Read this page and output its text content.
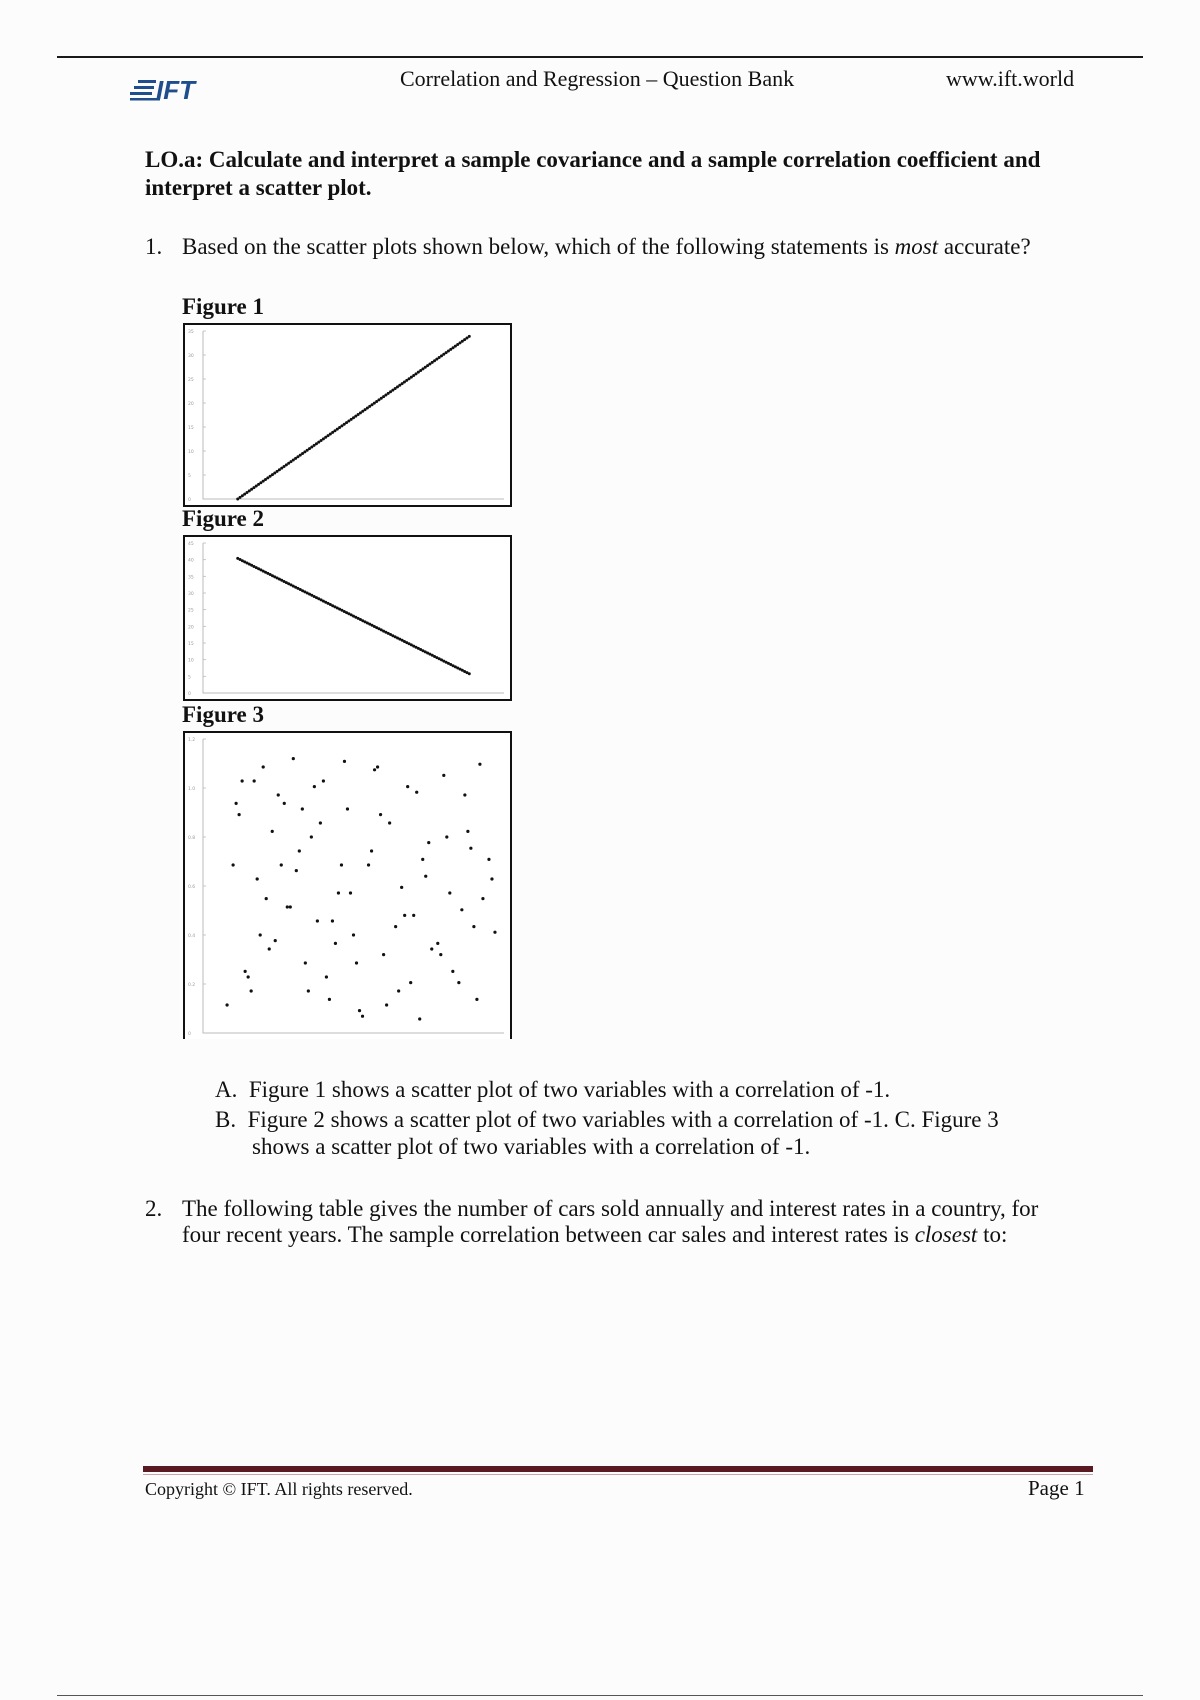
IFT	Correlation and Regression – Question Bank	www.ift.world
LO.a: Calculate and interpret a sample covariance and a sample correlation coefficient and interpret a scatter plot.
1. Based on the scatter plots shown below, which of the following statements is most accurate?
Figure 1
0
5
10
15
20
25
30
35
Figure 2
0
5
10
15
20
25
30
35
40
45
Figure 3
0
0.2
0.4
0.6
0.8
1.0
1.2
A. Figure 1 shows a scatter plot of two variables with a correlation of -1.
B. Figure 2 shows a scatter plot of two variables with a correlation of -1. C. Figure 3
shows a scatter plot of two variables with a correlation of -1.
2. The following table gives the number of cars sold annually and interest rates in a country, for
four recent years. The sample correlation between car sales and interest rates is closest to:
Copyright © IFT. All rights reserved.	Page 1
